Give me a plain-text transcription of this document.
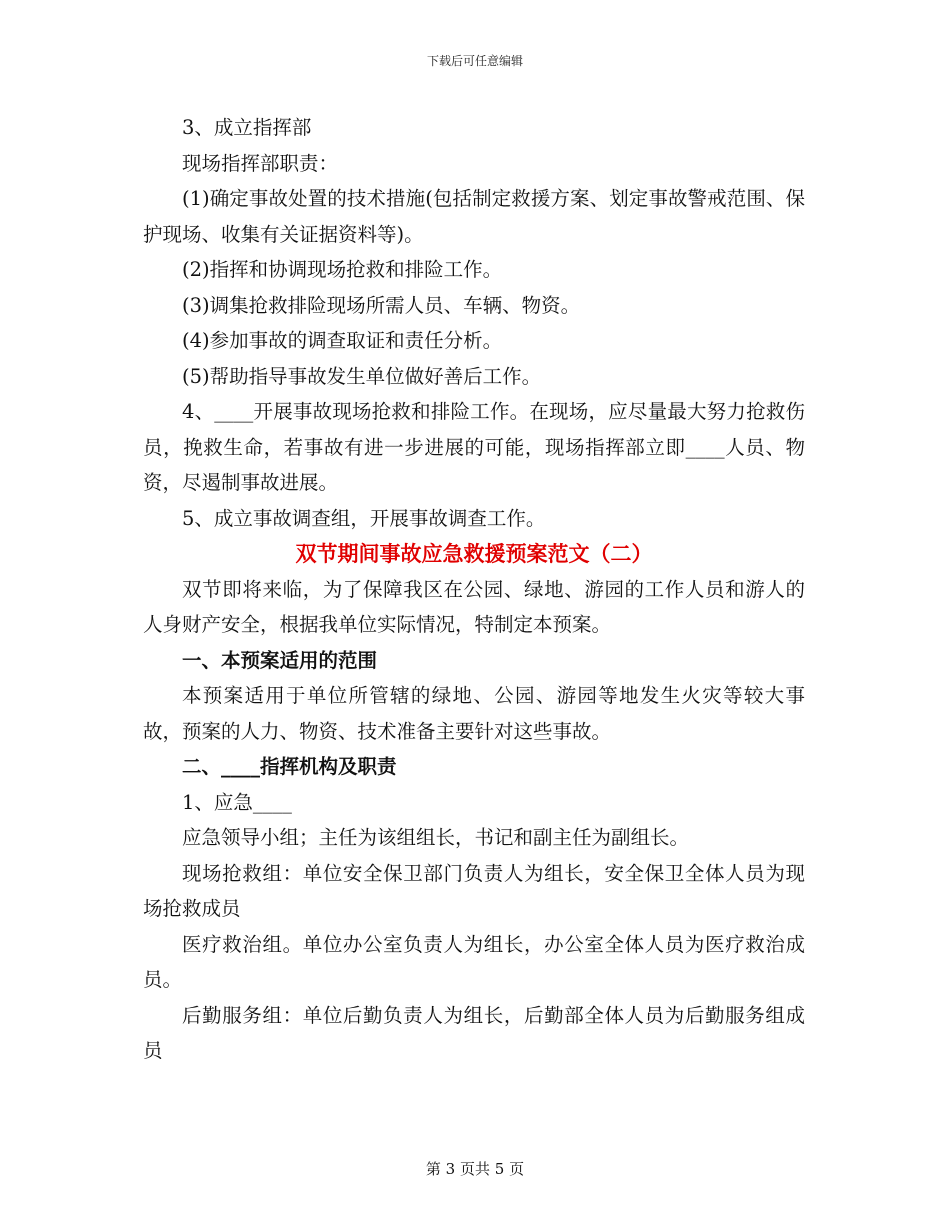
下载后可任意编辑

3、成立指挥部

现场指挥部职责：

(1)确定事故处置的技术措施(包括制定救援方案、划定事故警戒范围、保护现场、收集有关证据资料等)。

(2)指挥和协调现场抢救和排险工作。

(3)调集抢救排险现场所需人员、车辆、物资。

(4)参加事故的调查取证和责任分析。

(5)帮助指导事故发生单位做好善后工作。

4、____开展事故现场抢救和排险工作。在现场，应尽量最大努力抢救伤员，挽救生命，若事故有进一步进展的可能，现场指挥部立即____人员、物资，尽遏制事故进展。

5、成立事故调查组，开展事故调查工作。

双节期间事故应急救援预案范文（二）

双节即将来临，为了保障我区在公园、绿地、游园的工作人员和游人的人身财产安全，根据我单位实际情况，特制定本预案。

一、本预案适用的范围

本预案适用于单位所管辖的绿地、公园、游园等地发生火灾等较大事故，预案的人力、物资、技术准备主要针对这些事故。

二、____指挥机构及职责

1、应急____

应急领导小组；主任为该组组长，书记和副主任为副组长。

现场抢救组：单位安全保卫部门负责人为组长，安全保卫全体人员为现场抢救成员

医疗救治组。单位办公室负责人为组长，办公室全体人员为医疗救治成员。

后勤服务组：单位后勤负责人为组长，后勤部全体人员为后勤服务组成员

第 3 页共 5 页
